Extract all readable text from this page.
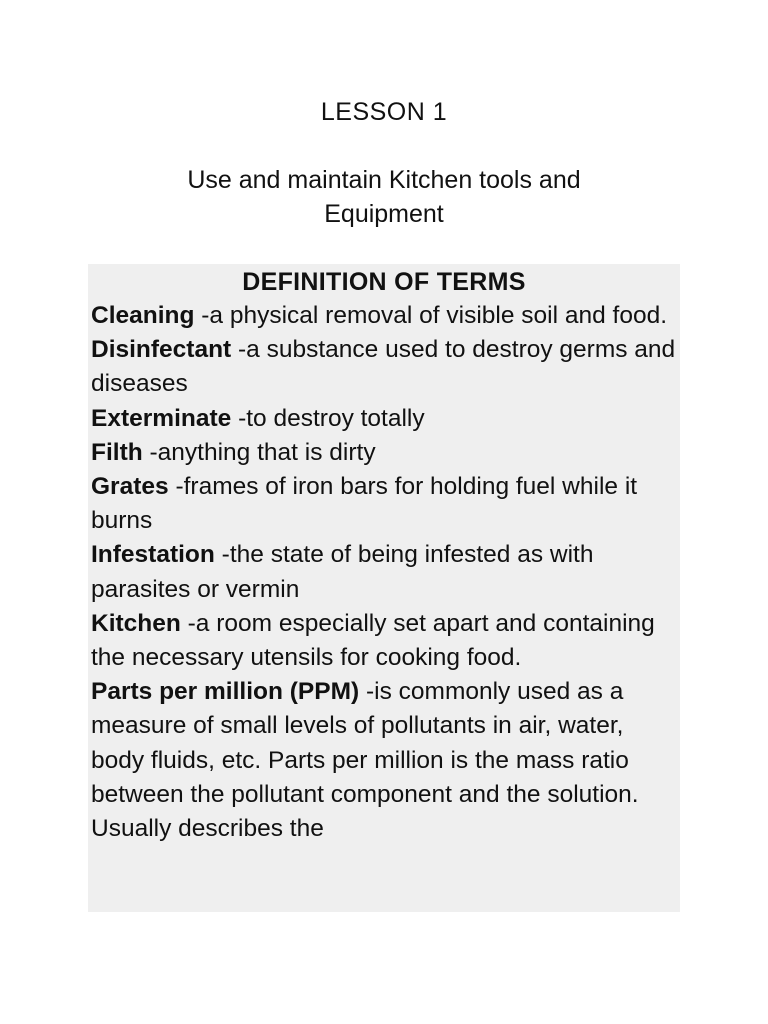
LESSON 1
Use and maintain Kitchen tools and Equipment
DEFINITION OF TERMS

Cleaning -a physical removal of visible soil and food.

Disinfectant -a substance used to destroy germs and diseases

Exterminate -to destroy totally

Filth -anything that is dirty

Grates -frames of iron bars for holding fuel while it burns

Infestation -the state of being infested as with parasites or vermin

Kitchen -a room especially set apart and containing the necessary utensils for cooking food.

Parts per million (PPM) -is commonly used as a measure of small levels of pollutants in air, water, body fluids, etc. Parts per million is the mass ratio between the pollutant component and the solution. Usually describes the
